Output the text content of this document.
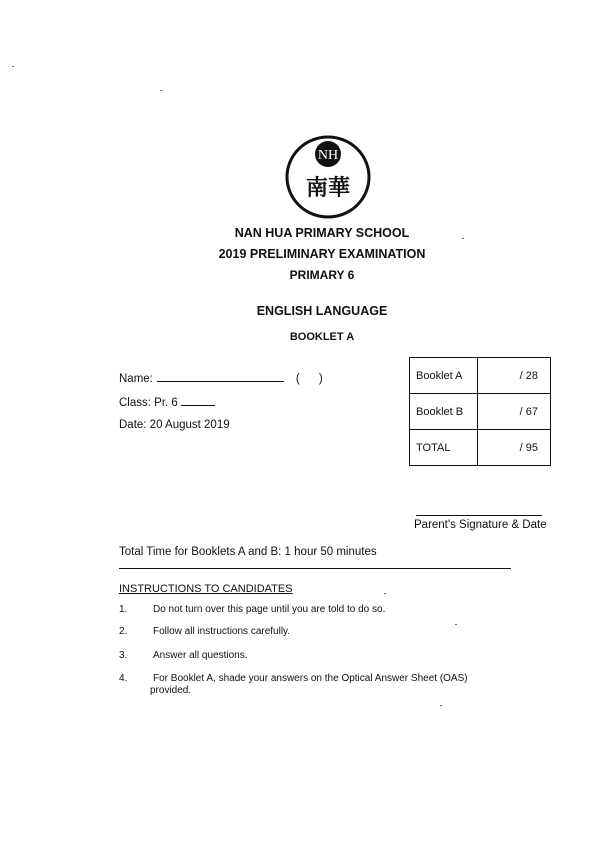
NH
南華
NAN HUA PRIMARY SCHOOL
2019 PRELIMINARY EXAMINATION
PRIMARY 6
ENGLISH LANGUAGE
BOOKLET A
Name:	(      )
Class: Pr. 6
Date: 20 August 2019
Booklet A	/ 28
Booklet B	/ 67
TOTAL	/ 95
Parent's Signature & Date
Total Time for Booklets A and B: 1 hour 50 minutes
INSTRUCTIONS TO CANDIDATES
1.	Do not turn over this page until you are told to do so.
2.	Follow all instructions carefully.
3.	Answer all questions.
4.	For Booklet A, shade your answers on the Optical Answer Sheet (OAS)
provided.
